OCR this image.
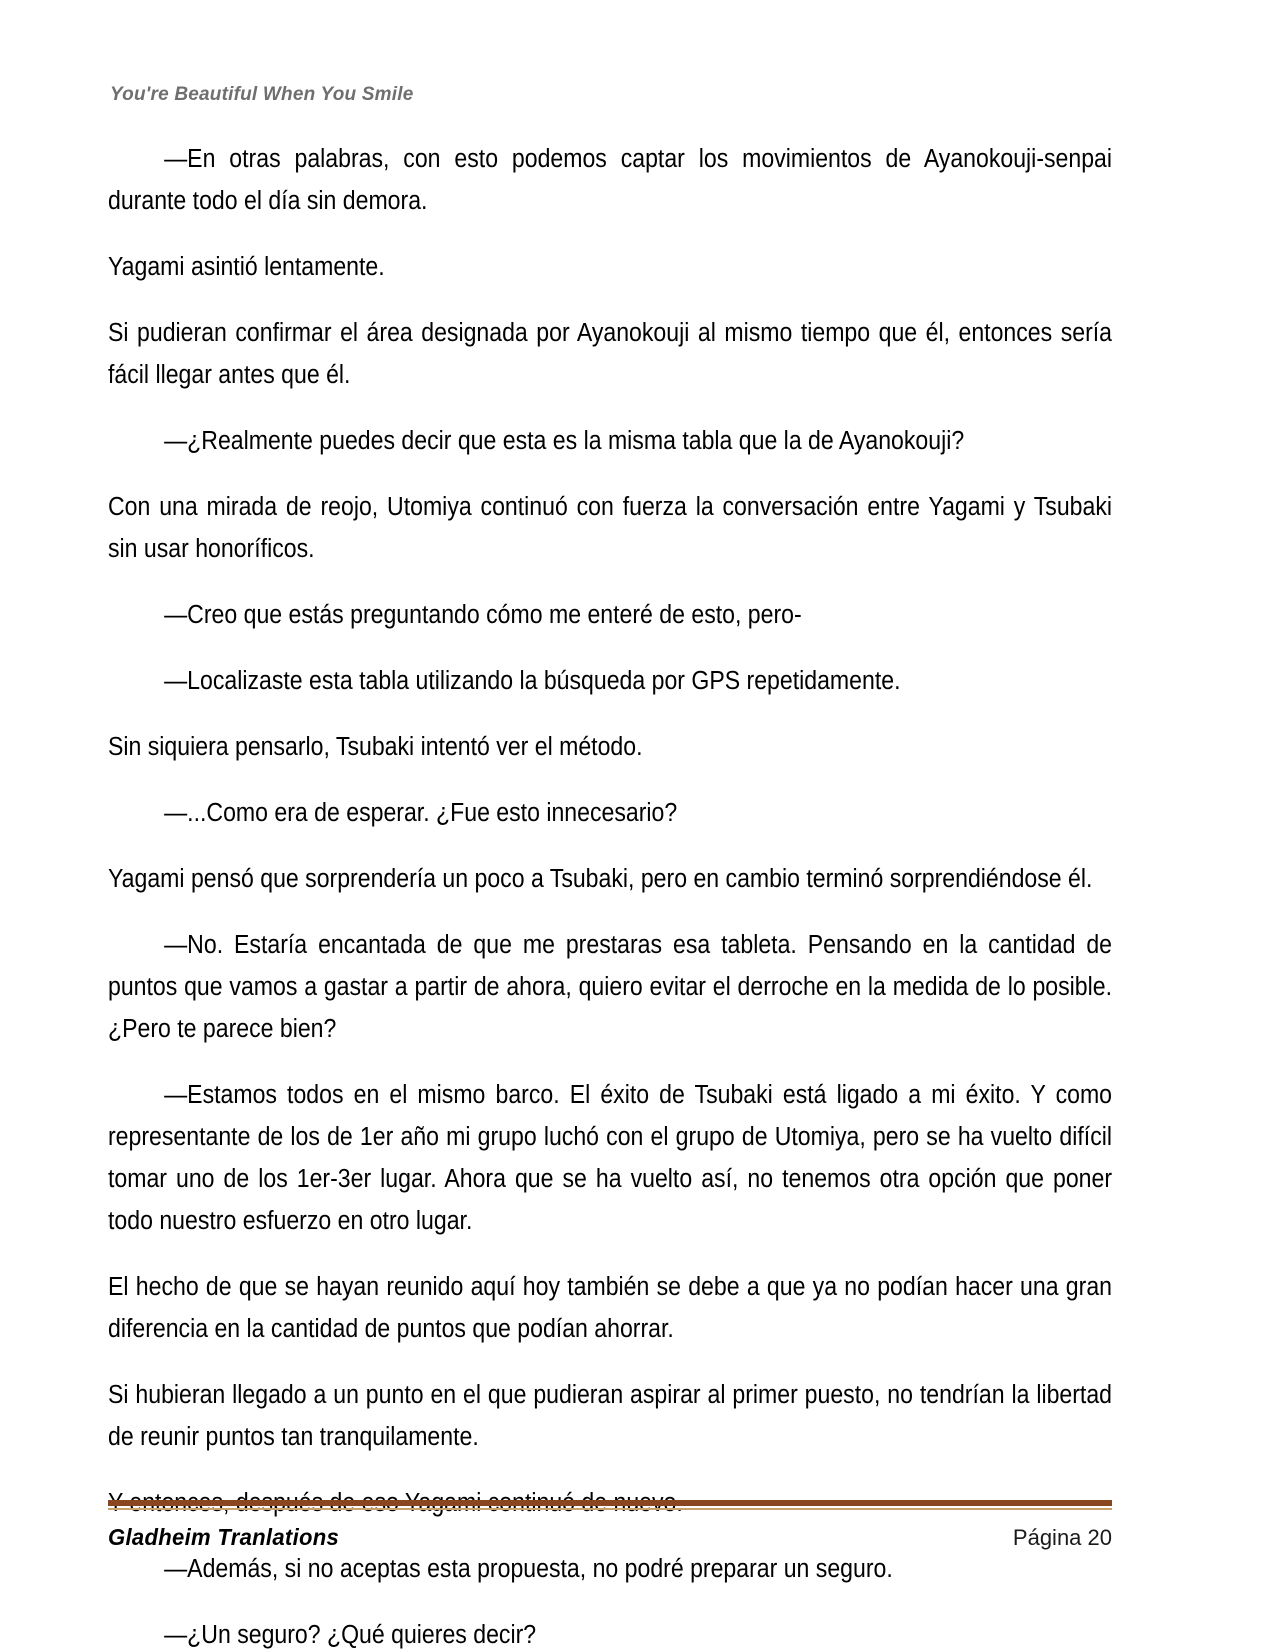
You're Beautiful When You Smile

—En otras palabras, con esto podemos captar los movimientos de Ayanokouji-senpai durante todo el día sin demora.

Yagami asintió lentamente.

Si pudieran confirmar el área designada por Ayanokouji al mismo tiempo que él, entonces sería fácil llegar antes que él.

—¿Realmente puedes decir que esta es la misma tabla que la de Ayanokouji?

Con una mirada de reojo, Utomiya continuó con fuerza la conversación entre Yagami y Tsubaki sin usar honoríficos.

—Creo que estás preguntando cómo me enteré de esto, pero-

—Localizaste esta tabla utilizando la búsqueda por GPS repetidamente.

Sin siquiera pensarlo, Tsubaki intentó ver el método.

—...Como era de esperar. ¿Fue esto innecesario?

Yagami pensó que sorprendería un poco a Tsubaki, pero en cambio terminó sorprendiéndose él.

—No. Estaría encantada de que me prestaras esa tableta. Pensando en la cantidad de puntos que vamos a gastar a partir de ahora, quiero evitar el derroche en la medida de lo posible. ¿Pero te parece bien?

—Estamos todos en el mismo barco. El éxito de Tsubaki está ligado a mi éxito. Y como representante de los de 1er año mi grupo luchó con el grupo de Utomiya, pero se ha vuelto difícil tomar uno de los 1er-3er lugar. Ahora que se ha vuelto así, no tenemos otra opción que poner todo nuestro esfuerzo en otro lugar.

El hecho de que se hayan reunido aquí hoy también se debe a que ya no podían hacer una gran diferencia en la cantidad de puntos que podían ahorrar.

Si hubieran llegado a un punto en el que pudieran aspirar al primer puesto, no tendrían la libertad de reunir puntos tan tranquilamente.

—Además, si no aceptas esta propuesta, no podré preparar un seguro.

—¿Un seguro? ¿Qué quieres decir?

Gladheim Tranlations	Página 20
